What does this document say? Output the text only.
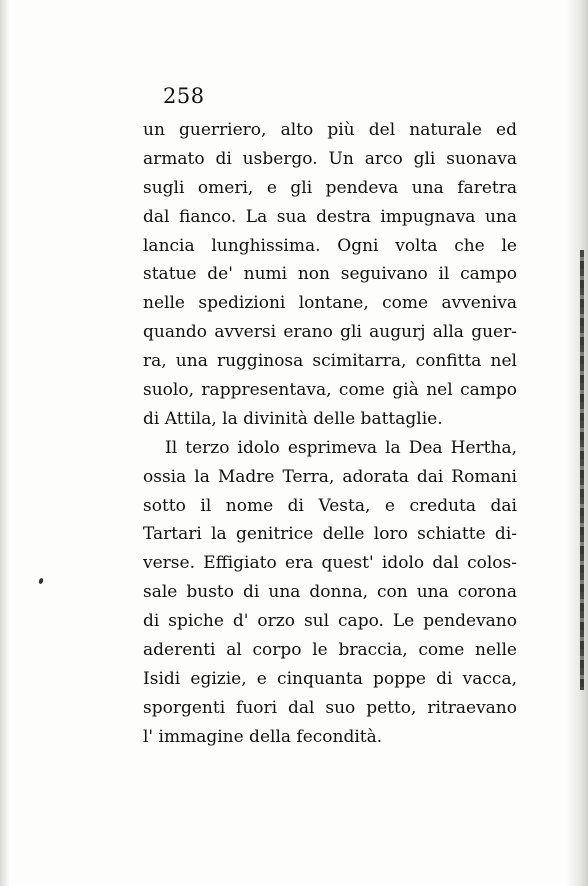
258
un guerriero, alto più del naturale ed
armato di usbergo. Un arco gli suonava
sugli omeri, e gli pendeva una faretra
dal fianco. La sua destra impugnava una
lancia lunghissima. Ogni volta che le
statue de' numi non seguivano il campo
nelle spedizioni lontane, come avveniva
quando avversi erano gli augurj alla guer-
ra, una rugginosa scimitarra, confitta nel
suolo, rappresentava, come già nel campo
di Attila, la divinità delle battaglie.
Il terzo idolo esprimeva la Dea Hertha,
ossia la Madre Terra, adorata dai Romani
sotto il nome di Vesta, e creduta dai
Tartari la genitrice delle loro schiatte di-
verse. Effigiato era quest' idolo dal colos-
sale busto di una donna, con una corona
di spiche d' orzo sul capo. Le pendevano
aderenti al corpo le braccia, come nelle
Isidi egizie, e cinquanta poppe di vacca,
sporgenti fuori dal suo petto, ritraevano
l' immagine della fecondità.
